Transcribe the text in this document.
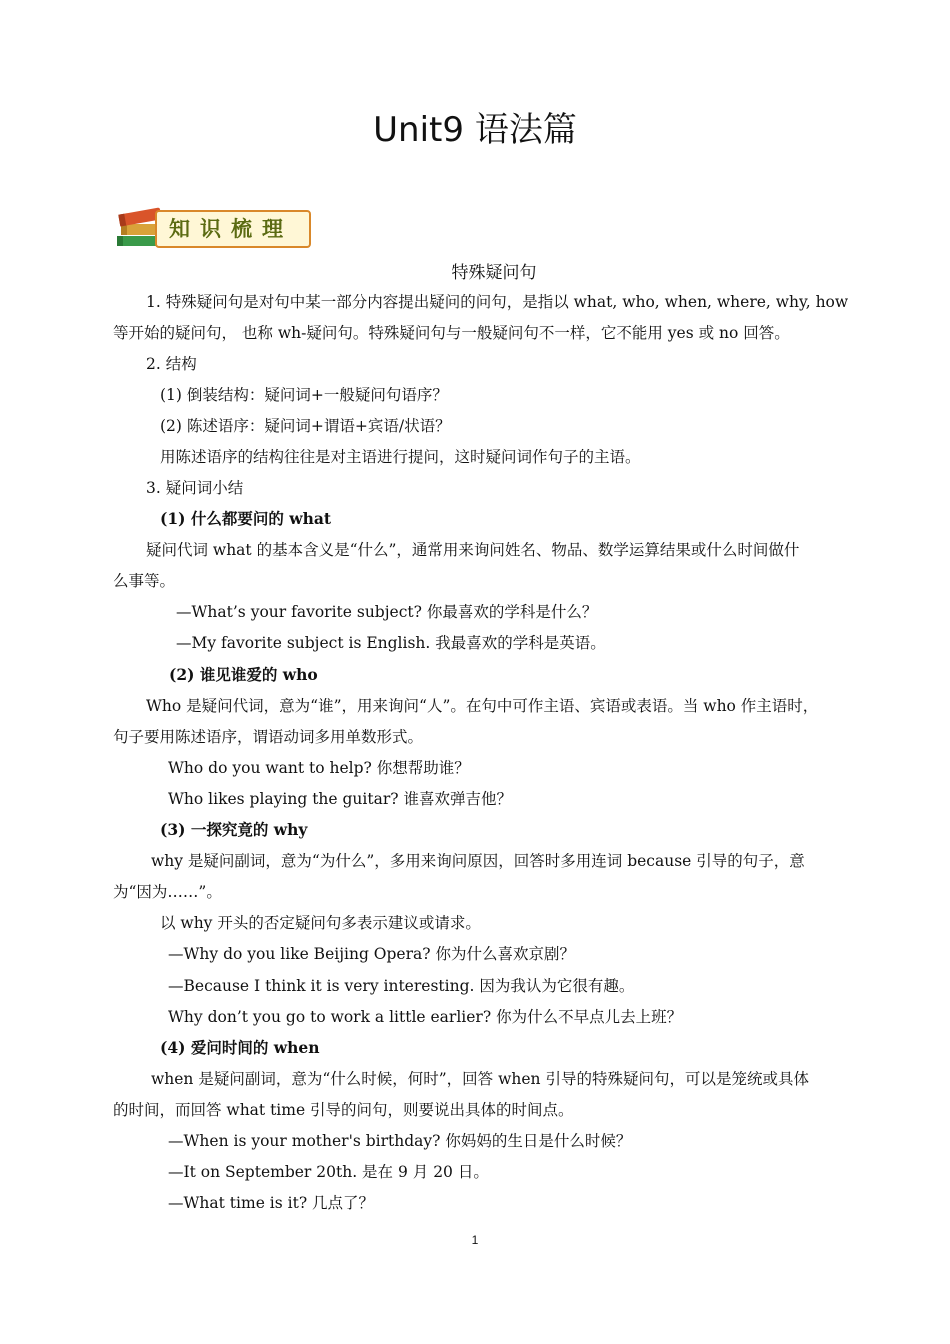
Unit9 语法篇
知识梳理
特殊疑问句
1. 特殊疑问句是对句中某一部分内容提出疑问的问句，是指以 what, who, when, where, why, how
等开始的疑问句， 也称 wh-疑问句。特殊疑问句与一般疑问句不一样，它不能用 yes 或 no 回答。
2. 结构
(1) 倒装结构：疑问词+一般疑问句语序？
(2) 陈述语序：疑问词+谓语+宾语/状语？
用陈述语序的结构往往是对主语进行提问，这时疑问词作句子的主语。
3. 疑问词小结
(1) 什么都要问的 what
疑问代词 what 的基本含义是“什么”，通常用来询问姓名、物品、数学运算结果或什么时间做什
么事等。
—What’s your favorite subject? 你最喜欢的学科是什么？
—My favorite subject is English. 我最喜欢的学科是英语。
(2) 谁见谁爱的 who
Who 是疑问代词，意为“谁”，用来询问“人”。在句中可作主语、宾语或表语。当 who 作主语时，
句子要用陈述语序，谓语动词多用单数形式。
Who do you want to help? 你想帮助谁？
Who likes playing the guitar? 谁喜欢弹吉他？
(3) 一探究竟的 why
why 是疑问副词，意为“为什么”，多用来询问原因，回答时多用连词 because 引导的句子，意
为“因为……”。
以 why 开头的否定疑问句多表示建议或请求。
—Why do you like Beijing Opera? 你为什么喜欢京剧？
—Because I think it is very interesting. 因为我认为它很有趣。
Why don’t you go to work a little earlier? 你为什么不早点儿去上班？
(4) 爱问时间的 when
when 是疑问副词，意为“什么时候，何时”，回答 when 引导的特殊疑问句，可以是笼统或具体
的时间，而回答 what time 引导的问句，则要说出具体的时间点。
—When is your mother's birthday? 你妈妈的生日是什么时候？
—It on September 20th. 是在 9 月 20 日。
—What time is it? 几点了？
1
